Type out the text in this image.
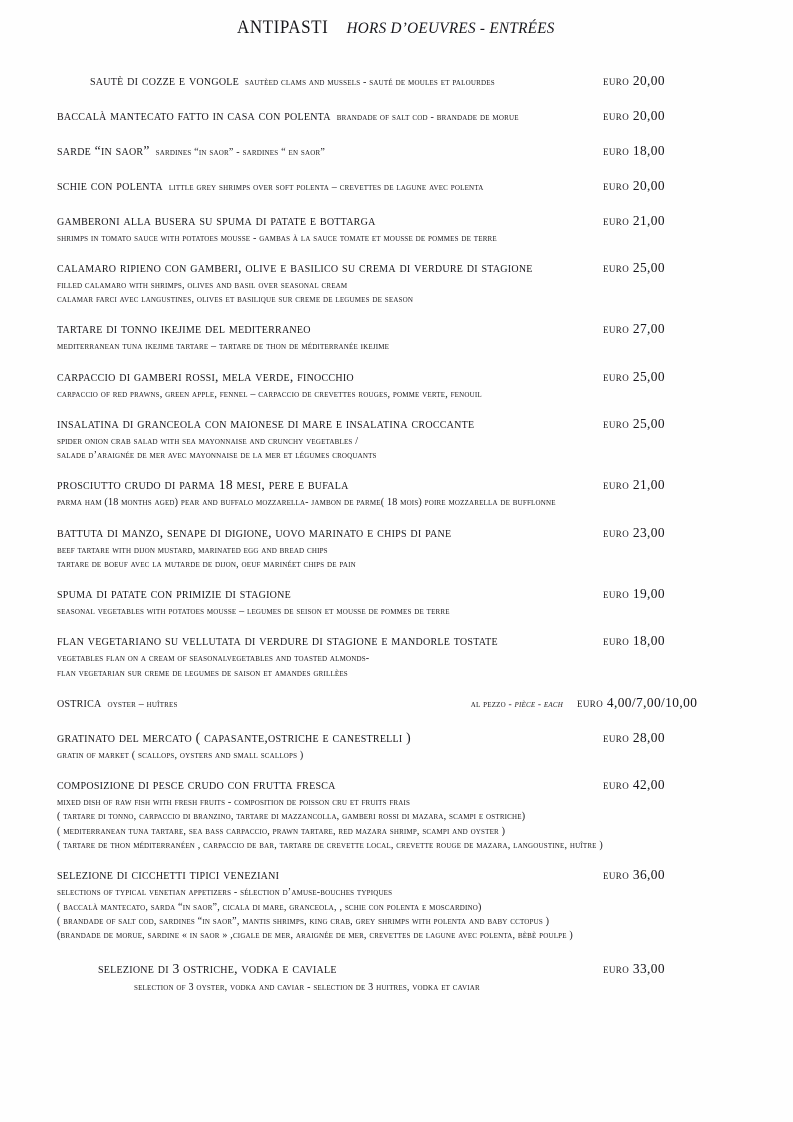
ANTIPASTI HORS D’OEUVRES - ENTRÉES
sautè di cozze e vongole sautèed clams and mussels - sauté de moules et palourdes	euro 20,00
baccalà mantecato fatto in casa con polenta brandade of salt cod - brandade de morue	euro 20,00
sarde “in saor” sardines “in saor” - sardines “ en saor”	euro 18,00
schie con polenta little grey shrimps over soft polenta – crevettes de lagune avec polenta	euro 20,00
gamberoni alla busera su spuma di patate e bottarga	euro 21,00
shrimps in tomato sauce with potatoes mousse - gambas à la sauce tomate et mousse de pommes de terre
calamaro ripieno con gamberi, olive e basilico su crema di verdure di stagione	euro 25,00
filled calamaro with shrimps, olives and basil over seasonal cream
calamar farci avec langustines, olives et basilique sur creme de legumes de season
tartare di tonno ikejime del mediterraneo	euro 27,00
mediterranean tuna ikejime tartare – tartare de thon de méditerranée ikejime
carpaccio di gamberi rossi, mela verde, finocchio	euro 25,00
carpaccio of red prawns, green apple, fennel – carpaccio de crevettes rouges, pomme verte, fenouil
insalatina di granceola con maionese di mare e insalatina croccante	euro 25,00
spider onion crab salad with sea mayonnaise and crunchy vegetables /
salade d’araignée de mer avec mayonnaise de la mer et légumes croquants
prosciutto crudo di parma 18 mesi, pere e bufala	euro 21,00
parma ham (18 months aged) pear and buffalo mozzarella- jambon de parme( 18 mois) poire mozzarella de bufflonne
battuta di manzo, senape di digione, uovo marinato e chips di pane	euro 23,00
beef tartare with dijon mustard, marinated egg and bread chips
tartare de boeuf avec la mutarde de dijon, oeuf marinéet chips de pain
spuma di patate con primizie di stagione	euro 19,00
seasonal vegetables with potatoes mousse – legumes de seison et mousse de pommes de terre
flan vegetariano su vellutata di verdure di stagione e mandorle tostate	euro 18,00
vegetables flan on a cream of seasonalvegetables and toasted almonds-
flan vegetarian sur creme de legumes de saison et amandes grillèes
ostrica oyster – huîtres	al pezzo - pièce - each	euro 4,00/7,00/10,00
gratinato del mercato ( capasante,ostriche e canestrelli )	euro 28,00
gratin of market ( scallops, oysters and small scallops )
composizione di pesce crudo con frutta fresca	euro 42,00
mixed dish of raw fish with fresh fruits - composition de poisson cru et fruits frais
( tartare di tonno, carpaccio di branzino, tartare di mazzancolla, gamberi rossi di mazara, scampi e ostriche)
( mediterranean tuna tartare, sea bass carpaccio, prawn tartare, red mazara shrimp, scampi and oyster )
( tartare de thon méditerranéen , carpaccio de bar, tartare de crevette local, crevette rouge de mazara, langoustine, huître )
selezione di cicchetti tipici veneziani	euro 36,00
selections of typical venetian appetizers - sélection d’amuse-bouches typiques
( baccalà mantecato, sarda “in saor”, cicala di mare, granceola, , schie con polenta e moscardino)
( brandade of salt cod, sardines “in saor”, mantis shrimps, king crab, grey shrimps with polenta and baby cctopus )
(brandade de morue, sardine « in saor » ,cigale de mer, araignée de mer, crevettes de lagune avec polenta, bèbè poulpe )
selezione di 3 ostriche, vodka e caviale	euro 33,00
selection of 3 oyster, vodka and caviar - selection de 3 huitres, vodka et caviar
